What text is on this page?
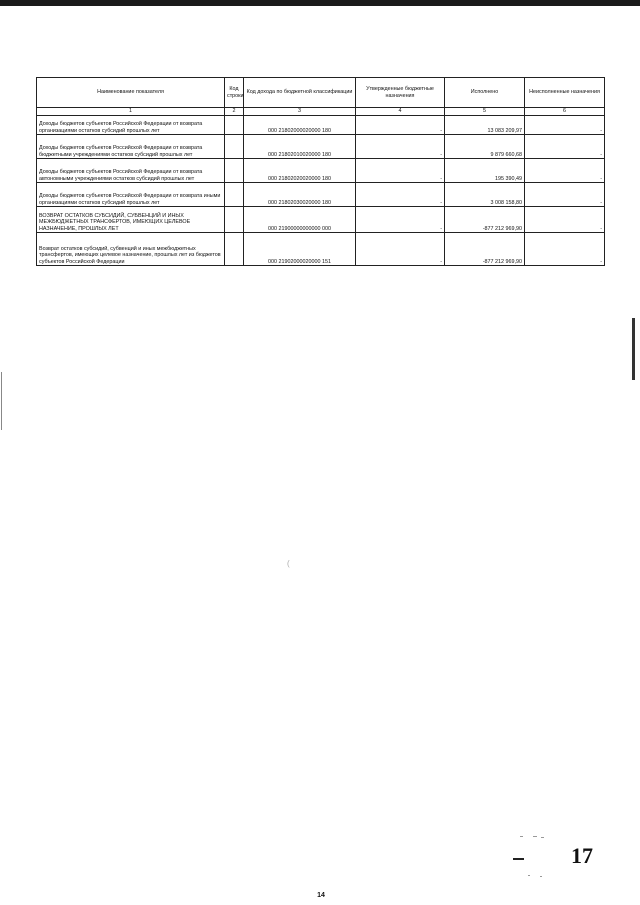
Наименование показателя	Код строки	Код дохода по бюджетной классификации	Утвержденные бюджетные назначения	Исполнено	Неисполненные назначения
1	2	3	4	5	6
Доходы бюджетов субъектов Российской Федерации от возврата организациями остатков субсидий прошлых лет		000 21802000020000 180	-	13 083 209,97	-
Доходы бюджетов субъектов Российской Федерации от возврата бюджетными учреждениями остатков субсидий прошлых лет		000 21802010020000 180	-	9 879 660,68	-
Доходы бюджетов субъектов Российской Федерации от возврата автономными учреждениями остатков субсидий прошлых лет		000 21802020020000 180	-	195 390,49	-
Доходы бюджетов субъектов Российской Федерации от возврата иными организациями остатков субсидий прошлых лет		000 21802030020000 180	-	3 008 158,80	-
ВОЗВРАТ ОСТАТКОВ СУБСИДИЙ, СУБВЕНЦИЙ И ИНЫХ МЕЖБЮДЖЕТНЫХ ТРАНСФЕРТОВ, ИМЕЮЩИХ ЦЕЛЕВОЕ НАЗНАЧЕНИЕ, ПРОШЛЫХ ЛЕТ		000 21900000000000 000	-	-877 212 969,90	-
Возврат остатков субсидий, субвенций и иных межбюджетных трансфертов, имеющих целевое назначение, прошлых лет из бюджетов субъектов Российской Федерации		000 21902000020000 151	-	-877 212 969,90	-
(
17
14
